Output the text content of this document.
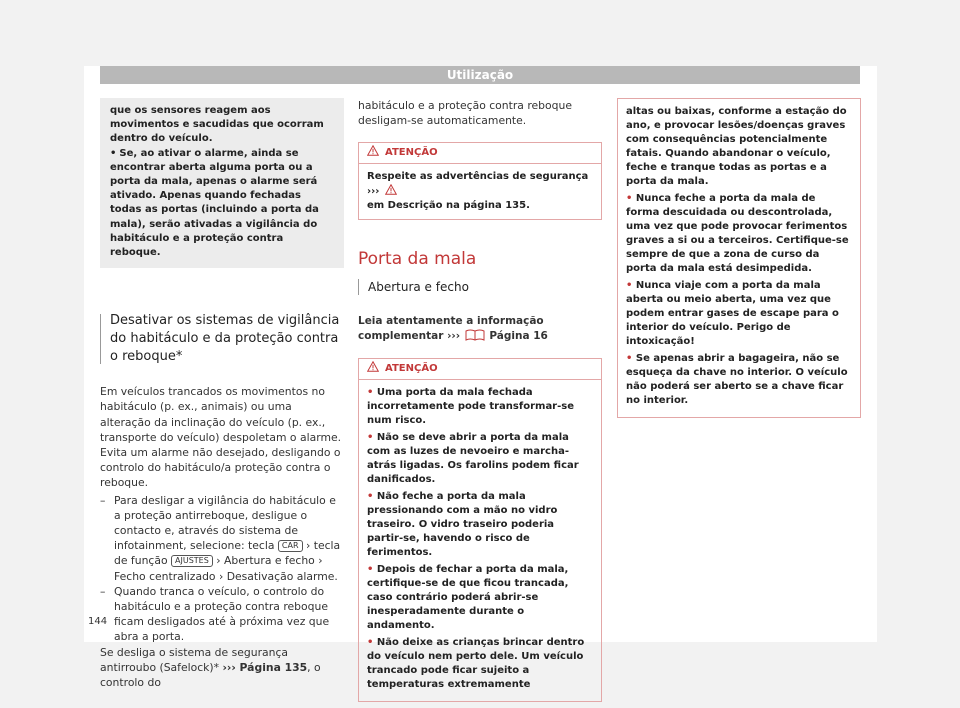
Utilização

que os sensores reagem aos movimentos e sacudidas que ocorram dentro do veículo.

• Se, ao ativar o alarme, ainda se encontrar aberta alguma porta ou a porta da mala, apenas o alarme será ativado. Apenas quando fechadas todas as portas (incluindo a porta da mala), serão ativadas a vigilância do habitáculo e a proteção contra reboque.

Desativar os sistemas de vigilância do habitáculo e da proteção contra o reboque*

Em veículos trancados os movimentos no habitáculo (p. ex., animais) ou uma alteração da inclinação do veículo (p. ex., transporte do veículo) despoletam o alarme. Evita um alarme não desejado, desligando o controlo do habitáculo/a proteção contra o reboque.

– Para desligar a vigilância do habitáculo e a proteção antirreboque, desligue o contacto e, através do sistema de infotainment, selecione: tecla CAR › tecla de função AJUSTES › Abertura e fecho › Fecho centralizado › Desativação alarme.

– Quando tranca o veículo, o controlo do habitáculo e a proteção contra reboque ficam desligados até à próxima vez que abra a porta.

Se desliga o sistema de segurança antirroubo (Safelock)* ››› Página 135, o controlo do

habitáculo e a proteção contra reboque desligam-se automaticamente.
ATENÇÃO
Respeite as advertências de segurança ›››
em Descrição na página 135.
Porta da mala
Abertura e fecho
Leia atentamente a informação complementar ›››	Página 16
ATENÇÃO

• Uma porta da mala fechada incorretamente pode transformar-se num risco.

• Não se deve abrir a porta da mala com as luzes de nevoeiro e marcha-atrás ligadas. Os farolins podem ficar danificados.

• Não feche a porta da mala pressionando com a mão no vidro traseiro. O vidro traseiro poderia partir-se, havendo o risco de ferimentos.

• Depois de fechar a porta da mala, certifique-se de que ficou trancada, caso contrário poderá abrir-se inesperadamente durante o andamento.

• Não deixe as crianças brincar dentro do veículo nem perto dele. Um veículo trancado pode ficar sujeito a temperaturas extremamente

altas ou baixas, conforme a estação do ano, e provocar lesões/doenças graves com consequências potencialmente fatais. Quando abandonar o veículo, feche e tranque todas as portas e a porta da mala.

• Nunca feche a porta da mala de forma descuidada ou descontrolada, uma vez que pode provocar ferimentos graves a si ou a terceiros. Certifique-se sempre de que a zona de curso da porta da mala está desimpedida.

• Nunca viaje com a porta da mala aberta ou meio aberta, uma vez que podem entrar gases de escape para o interior do veículo. Perigo de intoxicação!

• Se apenas abrir a bagageira, não se esqueça da chave no interior. O veículo não poderá ser aberto se a chave ficar no interior.

144
